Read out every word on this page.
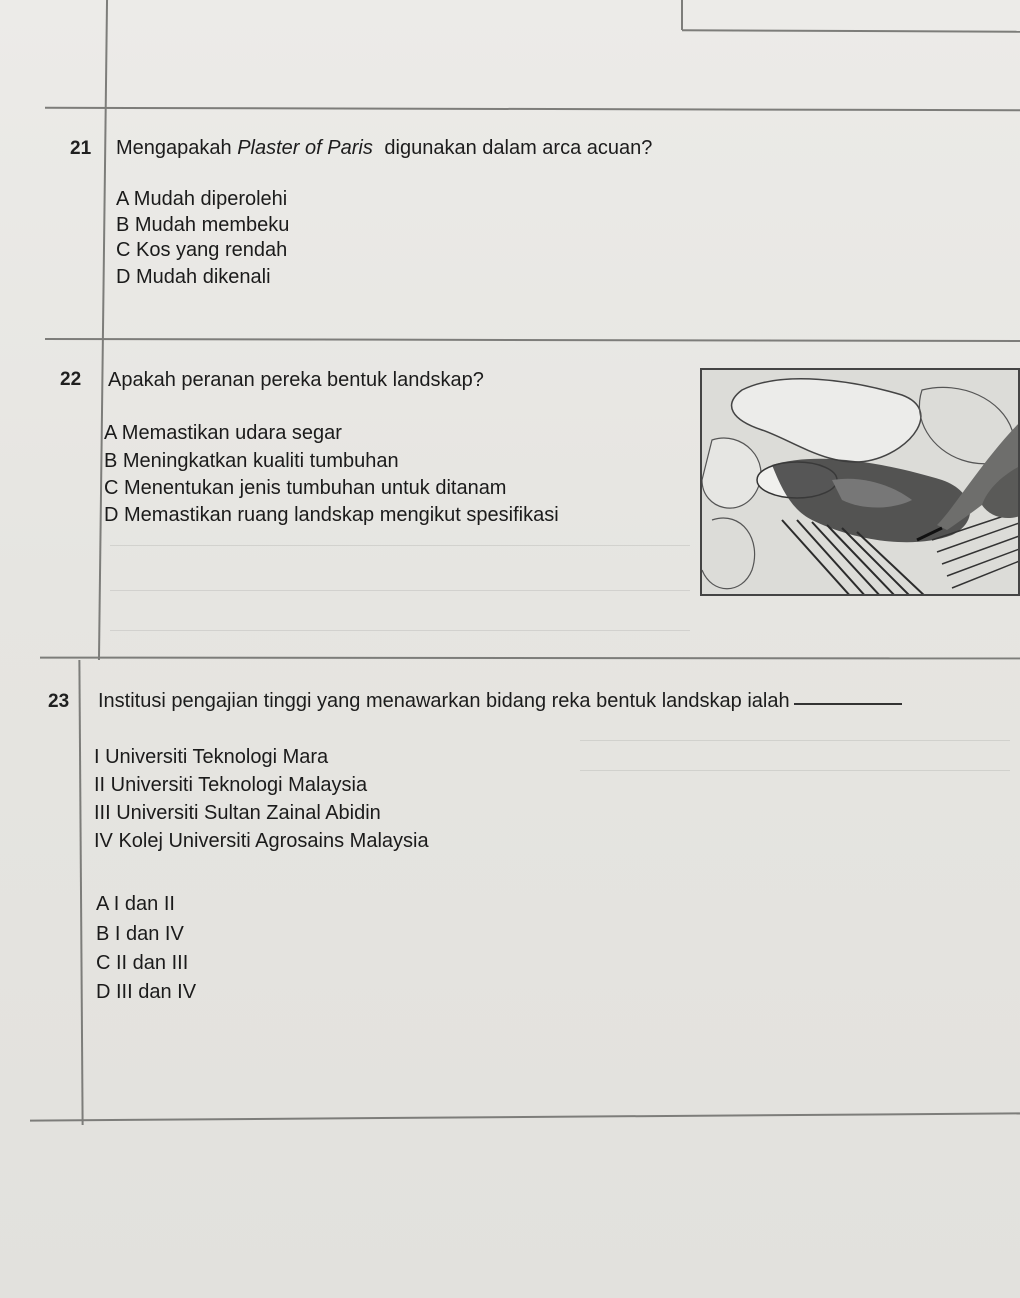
21 Mengapakah Plaster of Paris digunakan dalam arca acuan?
A Mudah diperolehi
B Mudah membeku
C Kos yang rendah
D Mudah dikenali
22 Apakah peranan pereka bentuk landskap?
A Memastikan udara segar
B Meningkatkan kualiti tumbuhan
C Menentukan jenis tumbuhan untuk ditanam
D Memastikan ruang landskap mengikut spesifikasi
23 Institusi pengajian tinggi yang menawarkan bidang reka bentuk landskap ialah
I Universiti Teknologi Mara
II Universiti Teknologi Malaysia
III Universiti Sultan Zainal Abidin
IV Kolej Universiti Agrosains Malaysia
A I dan II
B I dan IV
C II dan III
D III dan IV
